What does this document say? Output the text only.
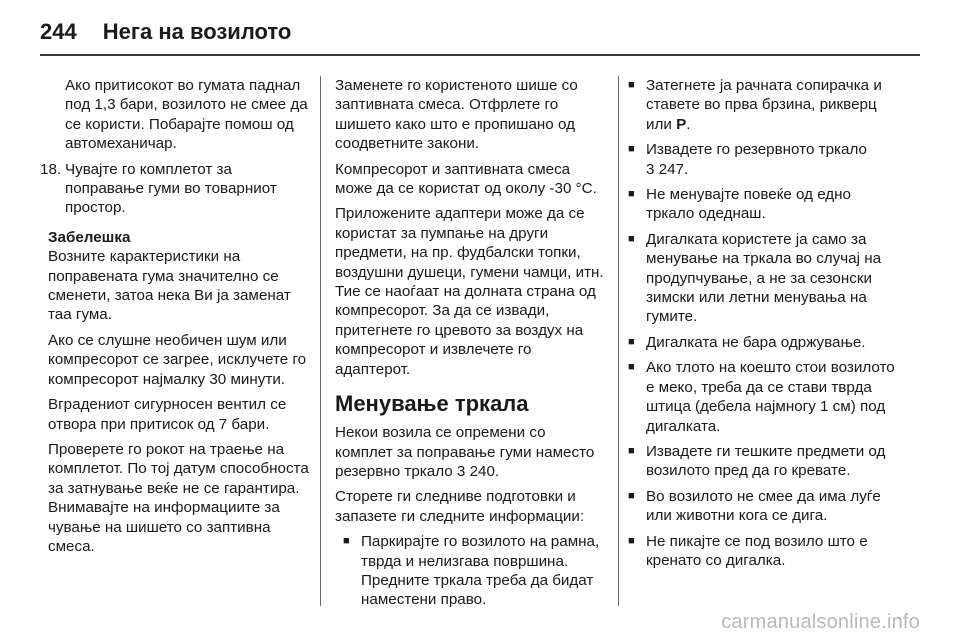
244 Нега на возилото

Ако притисокот во гумата паднал под 1,3 бари, возилото не смее да се користи. Побарајте помош од автомеханичар.

18. Чувајте го комплетот за поправање гуми во товарниот простор.

Забелешка

Возните карактеристики на поправената гума значително се сменети, затоа нека Ви ја заменат таа гума.

Ако се слушне необичен шум или компресорот се загрее, исклучете го компресорот најмалку 30 минути.

Вградениот сигурносен вентил се отвора при притисок од 7 бари.

Проверете го рокот на траење на комплетот. По тој датум способноста за затнување веќе не се гарантира. Внимавајте на информациите за чување на шишето со заптивна смеса.

Заменете го користеното шише со заптивната смеса. Отфрлете го шишето како што е пропишано од соодветните закони.

Компресорот и заптивната смеса може да се користат од околу -30 °C.

Приложените адаптери може да се користат за пумпање на други предмети, на пр. фудбалски топки, воздушни душеци, гумени чамци, итн. Тие се наоѓаат на долната страна од компресорот. За да се извади, притегнете го цревото за воздух на компресорот и извлечете го адаптерот.

Менување тркала

Некои возила се опремени со комплет за поправање гуми наместо резервно тркало 3 240.

Сторете ги следниве подготовки и запазете ги следните информации:

■ Паркирајте го возилото на рамна, тврда и нелизгава површина. Предните тркала треба да бидат наместени право.
■ Затегнете ја рачната сопирачка и ставете во прва брзина, рикверц или P.
■ Извадете го резервното тркало
3 247.
■ Не менувајте повеќе од едно тркало одеднаш.
■ Дигалката користете ја само за менување на тркала во случај на продупчување, а не за сезонски зимски или летни менувања на гумите.
■ Дигалката не бара одржување.
■ Ако тлото на коешто стои возилото е меко, треба да се стави тврда штица (дебела најмногу 1 см) под дигалката.
■ Извадете ги тешките предмети од возилото пред да го кревате.
■ Во возилото не смее да има луѓе или животни кога се дига.
■ Не пикајте се под возило што е кренато со дигалка.
carmanualsonline.info
